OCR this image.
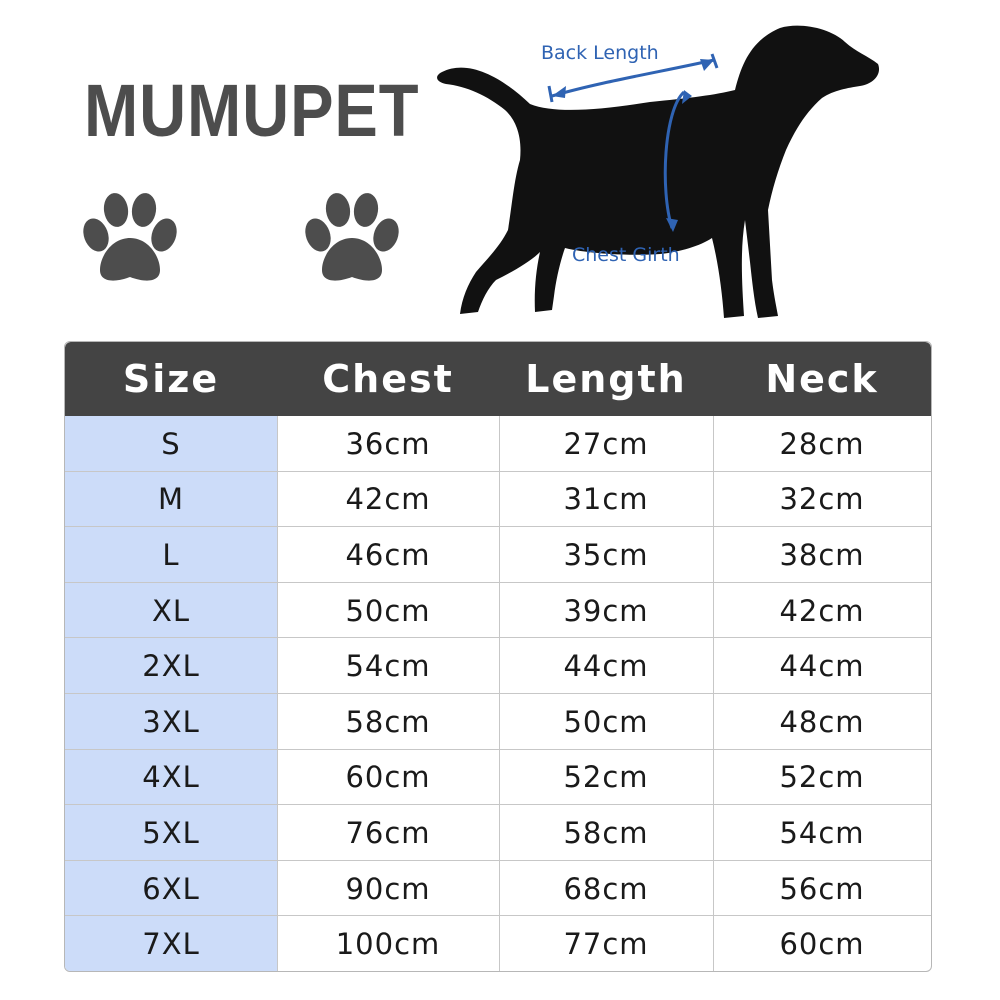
MUMUPET
Back Length
Chest Girth
Size	Chest	Length	Neck
S	36cm	27cm	28cm
M	42cm	31cm	32cm
L	46cm	35cm	38cm
XL	50cm	39cm	42cm
2XL	54cm	44cm	44cm
3XL	58cm	50cm	48cm
4XL	60cm	52cm	52cm
5XL	76cm	58cm	54cm
6XL	90cm	68cm	56cm
7XL	100cm	77cm	60cm
